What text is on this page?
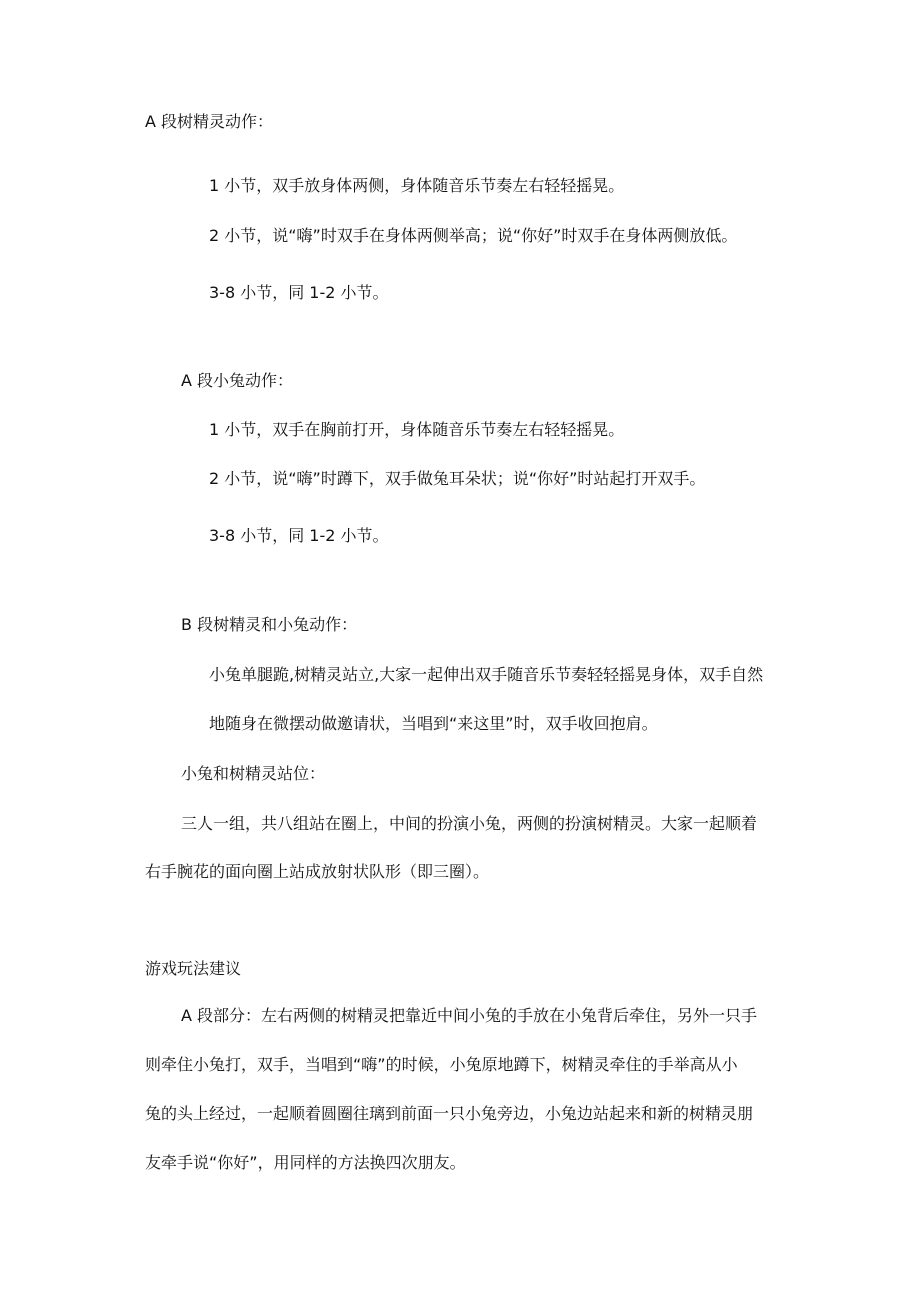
A 段树精灵动作：

1 小节，双手放身体两侧，身体随音乐节奏左右轻轻摇晃。

2 小节，说“嗨”时双手在身体两侧举高；说“你好”时双手在身体两侧放低。

3-8 小节，同 1-2 小节。

A 段小兔动作：

1 小节，双手在胸前打开，身体随音乐节奏左右轻轻摇晃。

2 小节，说“嗨”时蹲下，双手做兔耳朵状；说“你好”时站起打开双手。

3-8 小节，同 1-2 小节。

B 段树精灵和小兔动作：

小兔单腿跪,树精灵站立,大家一起伸出双手随音乐节奏轻轻摇晃身体，双手自然

地随身在微摆动做邀请状，当唱到“来这里”时，双手收回抱肩。

小兔和树精灵站位：

三人一组，共八组站在圈上，中间的扮演小兔，两侧的扮演树精灵。大家一起顺着

右手腕花的面向圈上站成放射状队形（即三圈）。

游戏玩法建议

A 段部分：左右两侧的树精灵把靠近中间小兔的手放在小兔背后牵住，另外一只手

则牵住小兔打，双手，当唱到“嗨”的时候，小兔原地蹲下，树精灵牵住的手举高从小

兔的头上经过，一起顺着圆圈往璃到前面一只小兔旁边，小兔边站起来和新的树精灵朋

友牵手说“你好”，用同样的方法换四次朋友。
